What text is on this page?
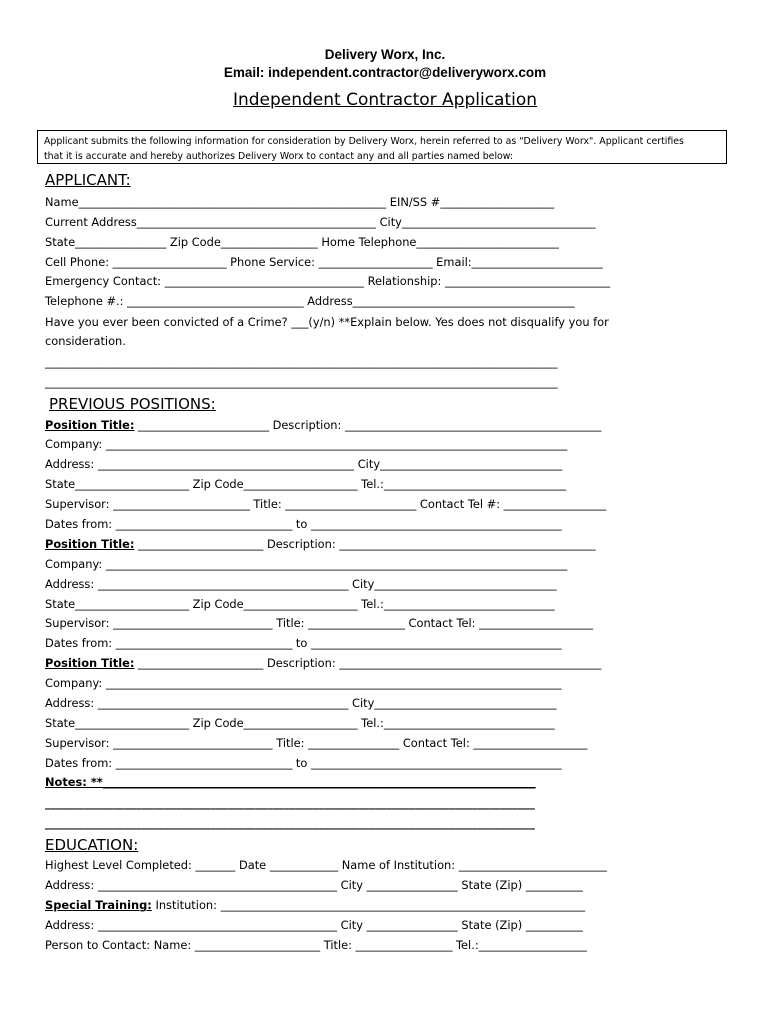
Delivery Worx, Inc.
Email: independent.contractor@deliveryworx.com
Independent Contractor Application
Applicant submits the following information for consideration by Delivery Worx, herein referred to as "Delivery Worx". Applicant certifies
that it is accurate and hereby authorizes Delivery Worx to contact any and all parties named below:
APPLICANT:
Name______________________________________________________ EIN/SS #____________________
Current Address__________________________________________ City__________________________________
State________________ Zip Code_________________ Home Telephone_________________________
Cell Phone: ____________________ Phone Service: ____________________ Email:_______________________
Emergency Contact: ___________________________________ Relationship: _____________________________
Telephone #.: _______________________________ Address_______________________________________
Have you ever been convicted of a Crime? ___(y/n) **Explain below. Yes does not disqualify you for
consideration.
__________________________________________________________________________________________
__________________________________________________________________________________________
PREVIOUS POSITIONS:
Position Title: _______________________ Description: _____________________________________________
Company: _________________________________________________________________________________
Address: _____________________________________________ City________________________________
State____________________ Zip Code____________________ Tel.:________________________________
Supervisor: ________________________ Title: _______________________ Contact Tel #: __________________
Dates from: _______________________________ to ____________________________________________
Position Title: ______________________ Description: _____________________________________________
Company: _________________________________________________________________________________
Address: ____________________________________________ City________________________________
State____________________ Zip Code____________________ Tel.:______________________________
Supervisor: ____________________________ Title: _________________ Contact Tel: ____________________
Dates from: _______________________________ to ____________________________________________
Position Title: ______________________ Description: ______________________________________________
Company: ________________________________________________________________________________
Address: ____________________________________________ City________________________________
State____________________ Zip Code____________________ Tel.:______________________________
Supervisor: ____________________________ Title: ________________ Contact Tel: ____________________
Dates from: _______________________________ to ____________________________________________
Notes: **____________________________________________________________________________
______________________________________________________________________________________
______________________________________________________________________________________
EDUCATION:
Highest Level Completed: _______ Date ____________ Name of Institution: __________________________
Address: __________________________________________ City ________________ State (Zip) __________
Special Training: Institution: ________________________________________________________________
Address: __________________________________________ City ________________ State (Zip) __________
Person to Contact: Name: ______________________ Title: _________________ Tel.:___________________
